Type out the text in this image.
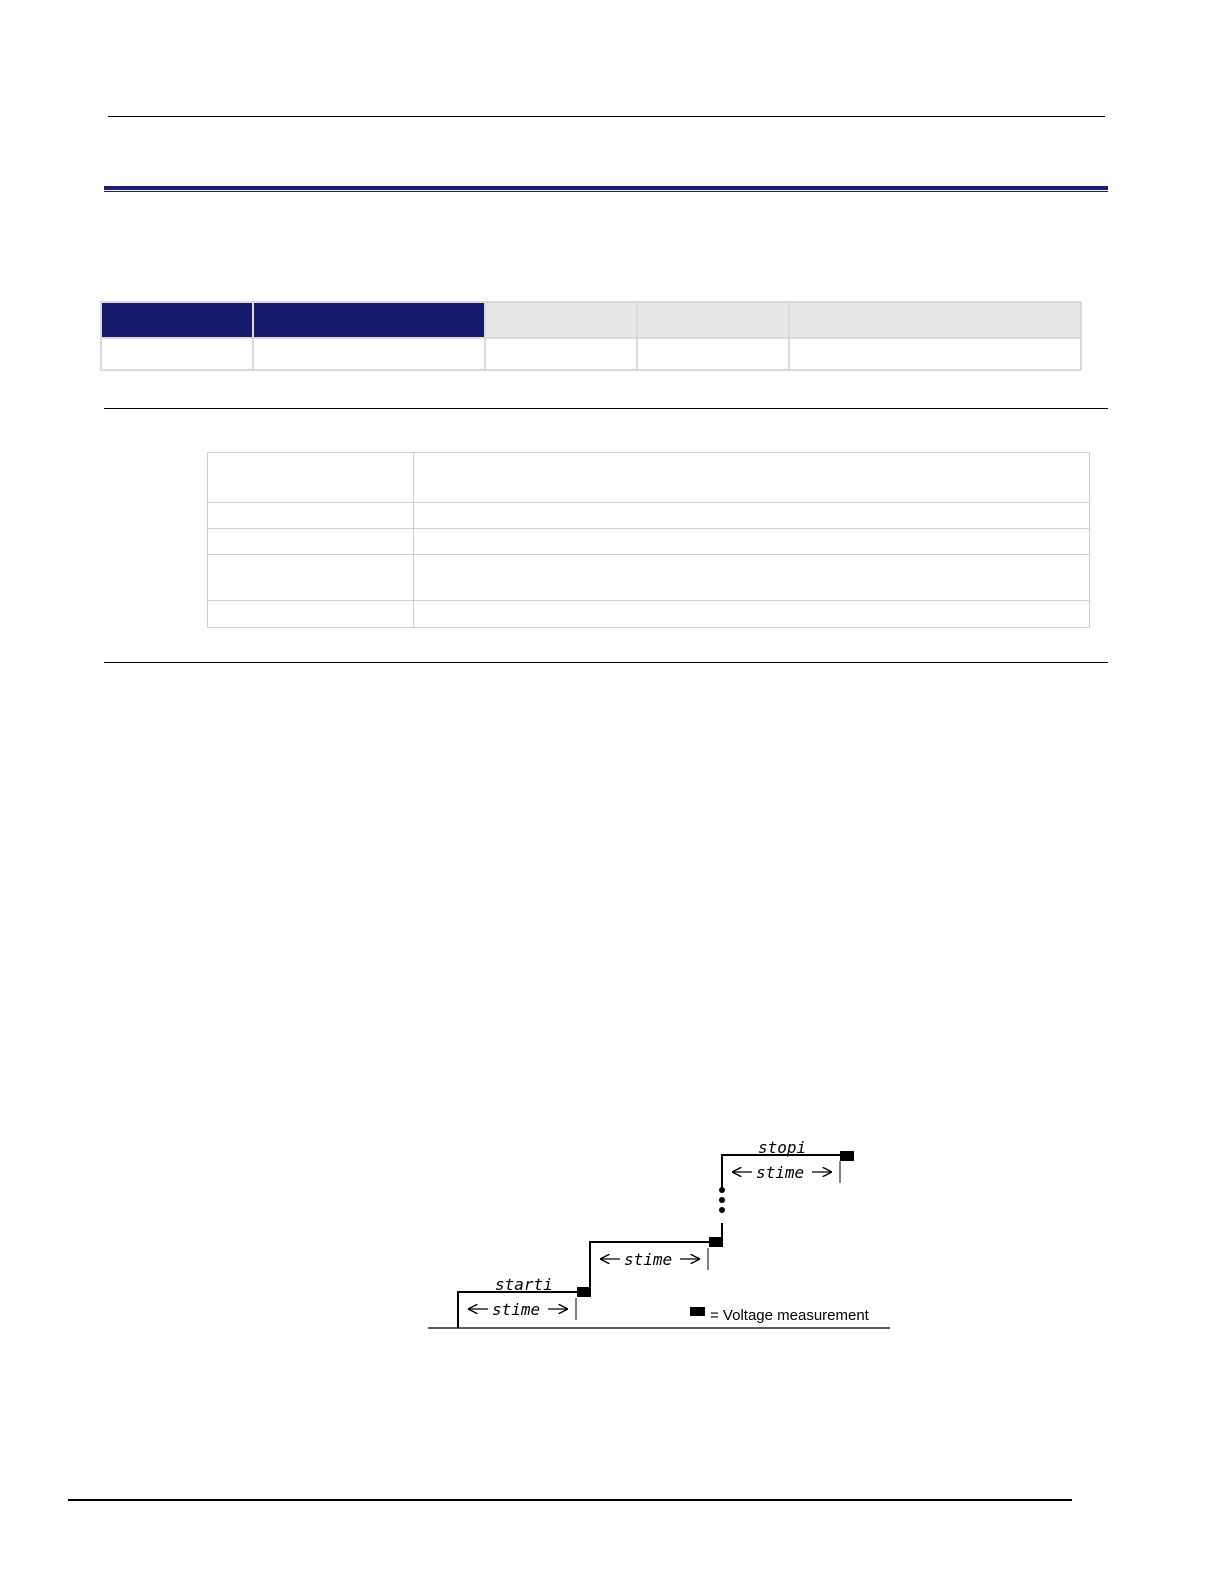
starti
stime
stime
stopi
stime
= Voltage measurement
